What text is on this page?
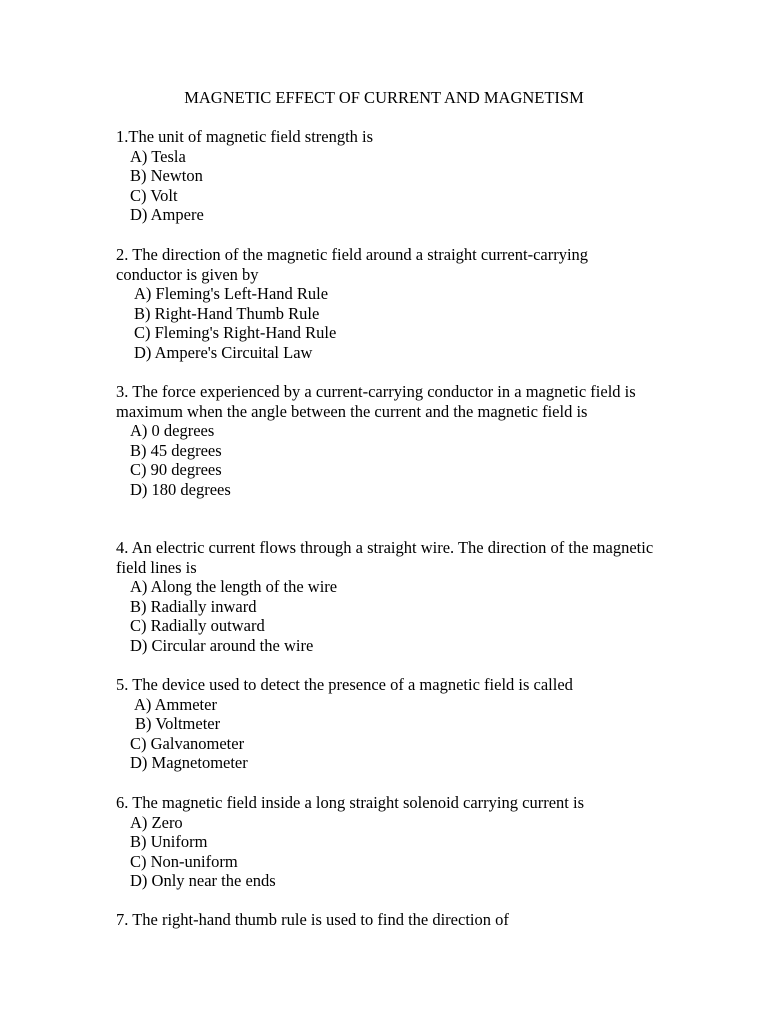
MAGNETIC EFFECT OF CURRENT AND MAGNETISM
1.The unit of magnetic field strength is
A) Tesla
B) Newton
C) Volt
D) Ampere
2. The direction of the magnetic field around a straight current-carrying conductor is given by
A) Fleming's Left-Hand Rule
B) Right-Hand Thumb Rule
C) Fleming's Right-Hand Rule
D) Ampere's Circuital Law
3. The force experienced by a current-carrying conductor in a magnetic field is maximum when the angle between the current and the magnetic field is
A) 0 degrees
B) 45 degrees
C) 90 degrees
D) 180 degrees
4. An electric current flows through a straight wire. The direction of the magnetic field lines is
A) Along the length of the wire
B) Radially inward
C) Radially outward
D) Circular around the wire
5. The device used to detect the presence of a magnetic field is called
A) Ammeter
B) Voltmeter
C) Galvanometer
D) Magnetometer
6. The magnetic field inside a long straight solenoid carrying current is
A) Zero
B) Uniform
C) Non-uniform
D) Only near the ends
7. The right-hand thumb rule is used to find the direction of
